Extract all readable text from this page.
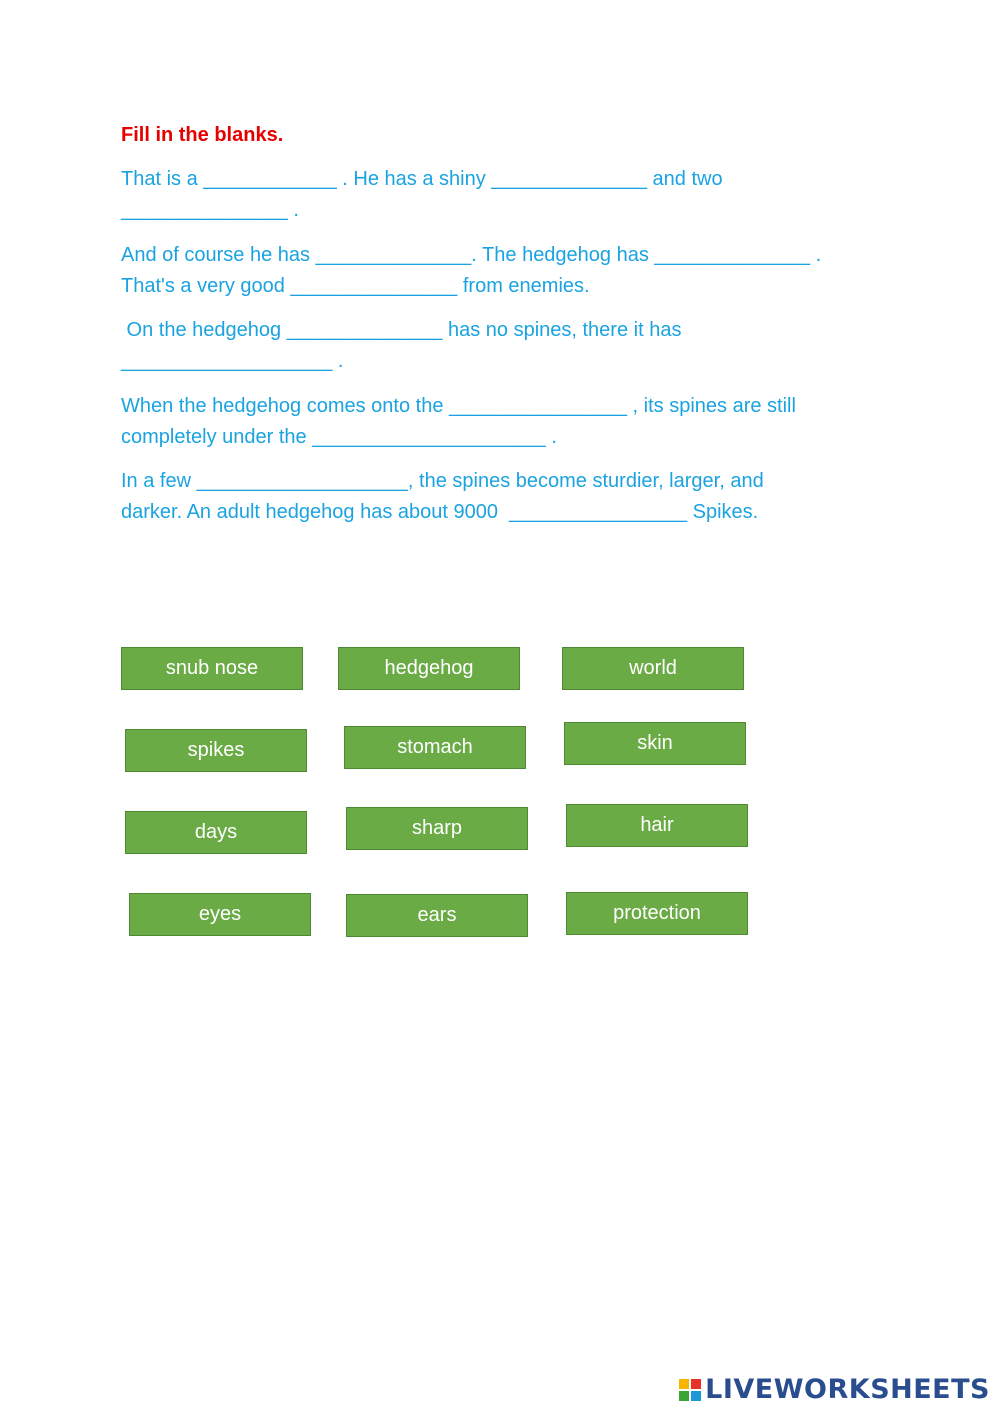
Fill in the blanks.

That is a ____________ . He has a shiny ______________ and two
_______________ .

And of course he has ______________. The hedgehog has ______________ .
That's a very good _______________ from enemies.

On the hedgehog ______________ has no spines, there it has
___________________ .

When the hedgehog comes onto the ________________ , its spines are still
completely under the _____________________ .

In a few ___________________, the spines become sturdier, larger, and
darker. An adult hedgehog has about 9000  ________________ Spikes.

snub nose	hedgehog	world
spikes	stomach	skin
days	sharp	hair
eyes	ears	protection
LIVEWORKSHEETS
